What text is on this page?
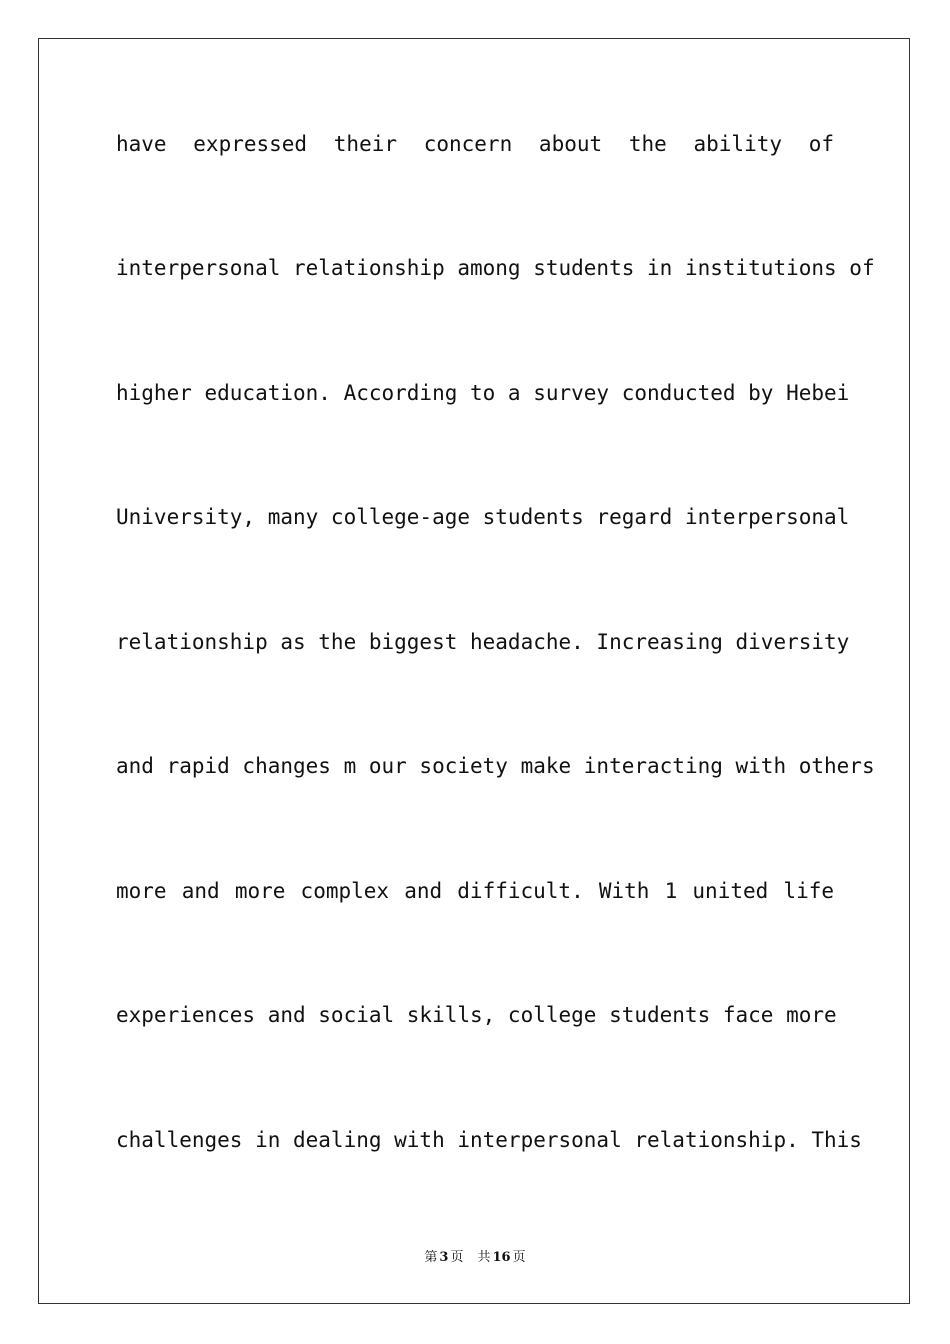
have expressed their concern about the ability of
interpersonal relationship among students in institutions of
higher education. According to a survey conducted by Hebei
University, many college-age students regard interpersonal
relationship as the biggest headache. Increasing diversity
and rapid changes m our society make interacting with others
more and more complex and difficult. With 1 united life
experiences and social skills, college students face more
challenges in dealing with interpersonal relationship. This
第 3 页 共 16 页
